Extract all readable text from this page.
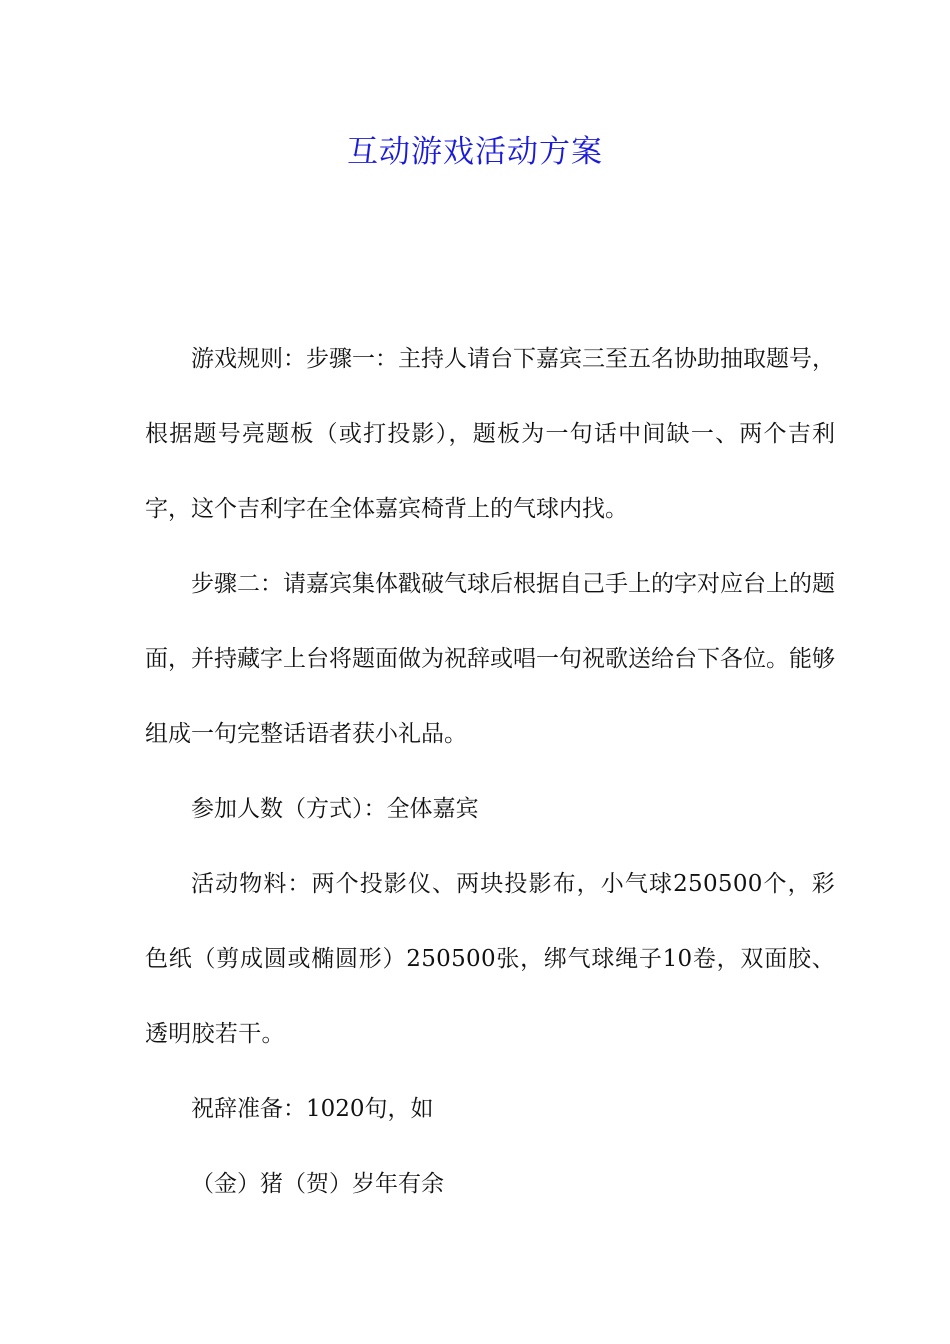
互动游戏活动方案

游戏规则：步骤一：主持人请台下嘉宾三至五名协助抽取题号，根据题号亮题板（或打投影），题板为一句话中间缺一、两个吉利字，这个吉利字在全体嘉宾椅背上的气球内找。

步骤二：请嘉宾集体戳破气球后根据自己手上的字对应台上的题面，并持藏字上台将题面做为祝辞或唱一句祝歌送给台下各位。能够组成一句完整话语者获小礼品。

参加人数（方式）：全体嘉宾

活动物料：两个投影仪、两块投影布，小气球250500个，彩色纸（剪成圆或椭圆形）250500张，绑气球绳子10卷，双面胶、透明胶若干。

祝辞准备：1020句，如

（金）猪（贺）岁年有余
